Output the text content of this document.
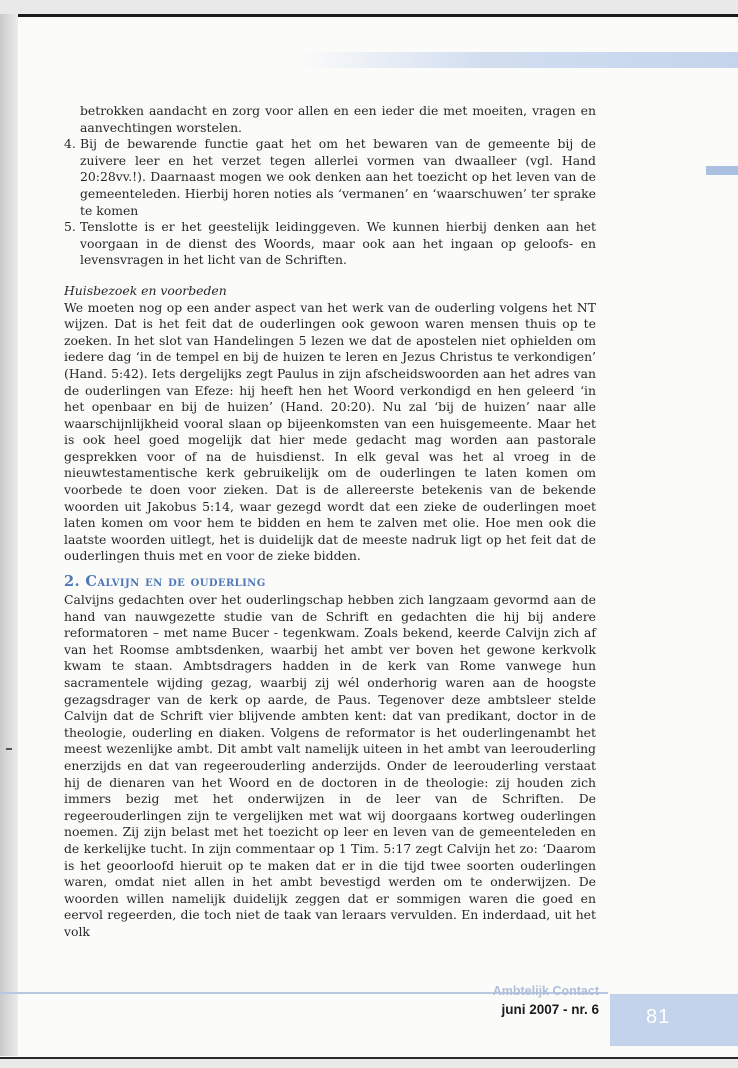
betrokken aandacht en zorg voor allen en een ieder die met moeiten, vragen en aanvechtingen worstelen.

4. Bij de bewarende functie gaat het om het bewaren van de gemeente bij de zuivere leer en het verzet tegen allerlei vormen van dwaalleer (vgl. Hand 20:28vv.!). Daarnaast mogen we ook denken aan het toezicht op het leven van de gemeenteleden. Hierbij horen noties als ‘vermanen’ en ‘waarschuwen’ ter sprake te komen
5. Tenslotte is er het geestelijk leidinggeven. We kunnen hierbij denken aan het voorgaan in de dienst des Woords, maar ook aan het ingaan op geloofs- en levensvragen in het licht van de Schriften.

Huisbezoek en voorbeden

We moeten nog op een ander aspect van het werk van de ouderling volgens het NT wijzen. Dat is het feit dat de ouderlingen ook gewoon waren mensen thuis op te zoeken. In het slot van Handelingen 5 lezen we dat de apostelen niet ophielden om iedere dag ‘in de tempel en bij de huizen te leren en Jezus Christus te verkondigen’ (Hand. 5:42). Iets dergelijks zegt Paulus in zijn afscheidswoorden aan het adres van de ouderlingen van Efeze: hij heeft hen het Woord verkondigd en hen geleerd ‘in het openbaar en bij de huizen’ (Hand. 20:20). Nu zal ‘bij de huizen’ naar alle waarschijnlijkheid vooral slaan op bijeenkomsten van een huisgemeente. Maar het is ook heel goed mogelijk dat hier mede gedacht mag worden aan pastorale gesprekken voor of na de huisdienst. In elk geval was het al vroeg in de nieuwtestamentische kerk gebruikelijk om de ouderlingen te laten komen om voorbede te doen voor zieken. Dat is de allereerste betekenis van de bekende woorden uit Jakobus 5:14, waar gezegd wordt dat een zieke de ouderlingen moet laten komen om voor hem te bidden en hem te zalven met olie. Hoe men ook die laatste woorden uitlegt, het is duidelijk dat de meeste nadruk ligt op het feit dat de ouderlingen thuis met en voor de zieke bidden.

2. Calvijn en de ouderling

Calvijns gedachten over het ouderlingschap hebben zich langzaam gevormd aan de hand van nauwgezette studie van de Schrift en gedachten die hij bij andere reformatoren – met name Bucer - tegenkwam. Zoals bekend, keerde Calvijn zich af van het Roomse ambtsdenken, waarbij het ambt ver boven het gewone kerkvolk kwam te staan. Ambtsdragers hadden in de kerk van Rome vanwege hun sacramentele wijding gezag, waarbij zij wél onderhorig waren aan de hoogste gezagsdrager van de kerk op aarde, de Paus. Tegenover deze ambtsleer stelde Calvijn dat de Schrift vier blijvende ambten kent: dat van predikant, doctor in de theologie, ouderling en diaken. Volgens de reformator is het ouderlingenambt het meest wezenlijke ambt. Dit ambt valt namelijk uiteen in het ambt van leerouderling enerzijds en dat van regeerouderling anderzijds. Onder de leerouderling verstaat hij de dienaren van het Woord en de doctoren in de theologie: zij houden zich immers bezig met het onderwijzen in de leer van de Schriften. De regeerouderlingen zijn te vergelijken met wat wij doorgaans kortweg ouderlingen noemen. Zij zijn belast met het toezicht op leer en leven van de gemeenteleden en de kerkelijke tucht. In zijn commentaar op 1 Tim. 5:17 zegt Calvijn het zo: ‘Daarom is het geoorloofd hieruit op te maken dat er in die tijd twee soorten ouderlingen waren, omdat niet allen in het ambt bevestigd werden om te onderwijzen. De woorden willen namelijk duidelijk zeggen dat er sommigen waren die goed en eervol regeerden, die toch niet de taak van leraars vervulden. En inderdaad, uit het volk

Ambtelijk Contact
juni 2007 - nr. 6 81
